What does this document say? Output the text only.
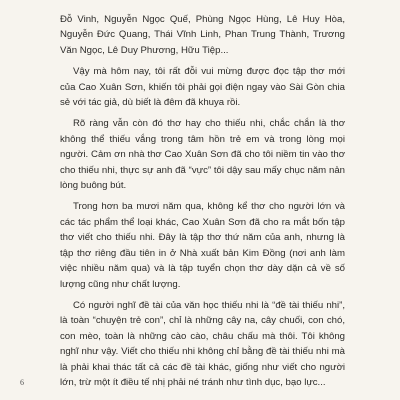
Đỗ Vinh, Nguyễn Ngọc Quế, Phùng Ngọc Hùng, Lê Huy Hòa, Nguyễn Đức Quang, Thái Vĩnh Linh, Phan Trung Thành, Trương Văn Ngọc, Lê Duy Phương, Hữu Tiệp...

Vậy mà hôm nay, tôi rất đỗi vui mừng được đọc tập thơ mới của Cao Xuân Sơn, khiến tôi phải gọi điện ngay vào Sài Gòn chia sẻ với tác giả, dù biết là đêm đã khuya rồi.

Rõ ràng vẫn còn đó thơ hay cho thiếu nhi, chắc chắn là thơ không thể thiếu vắng trong tâm hồn trẻ em và trong lòng mọi người. Cảm ơn nhà thơ Cao Xuân Sơn đã cho tôi niềm tin vào thơ cho thiếu nhi, thực sự anh đã “vực” tôi dậy sau mấy chục năm nản lòng buông bút.

Trong hơn ba mươi năm qua, không kể thơ cho người lớn và các tác phẩm thể loại khác, Cao Xuân Sơn đã cho ra mắt bốn tập thơ viết cho thiếu nhi. Đây là tập thơ thứ năm của anh, nhưng là tập thơ riêng đầu tiên in ở Nhà xuất bản Kim Đồng (nơi anh làm việc nhiều năm qua) và là tập tuyển chọn thơ dày dặn cả về số lượng cũng như chất lượng.

Có người nghĩ đề tài của văn học thiếu nhi là “đề tài thiếu nhi”, là toàn “chuyện trẻ con”, chỉ là những cây na, cây chuối, con chó, con mèo, toàn là những cào cào, châu chấu mà thôi. Tôi không nghĩ như vậy. Viết cho thiếu nhi không chỉ bằng đề tài thiếu nhi mà là phải khai thác tất cả các đề tài khác, giống như viết cho người lớn, trừ một ít điều tế nhị phải né tránh như tình dục, bạo lực...

6
